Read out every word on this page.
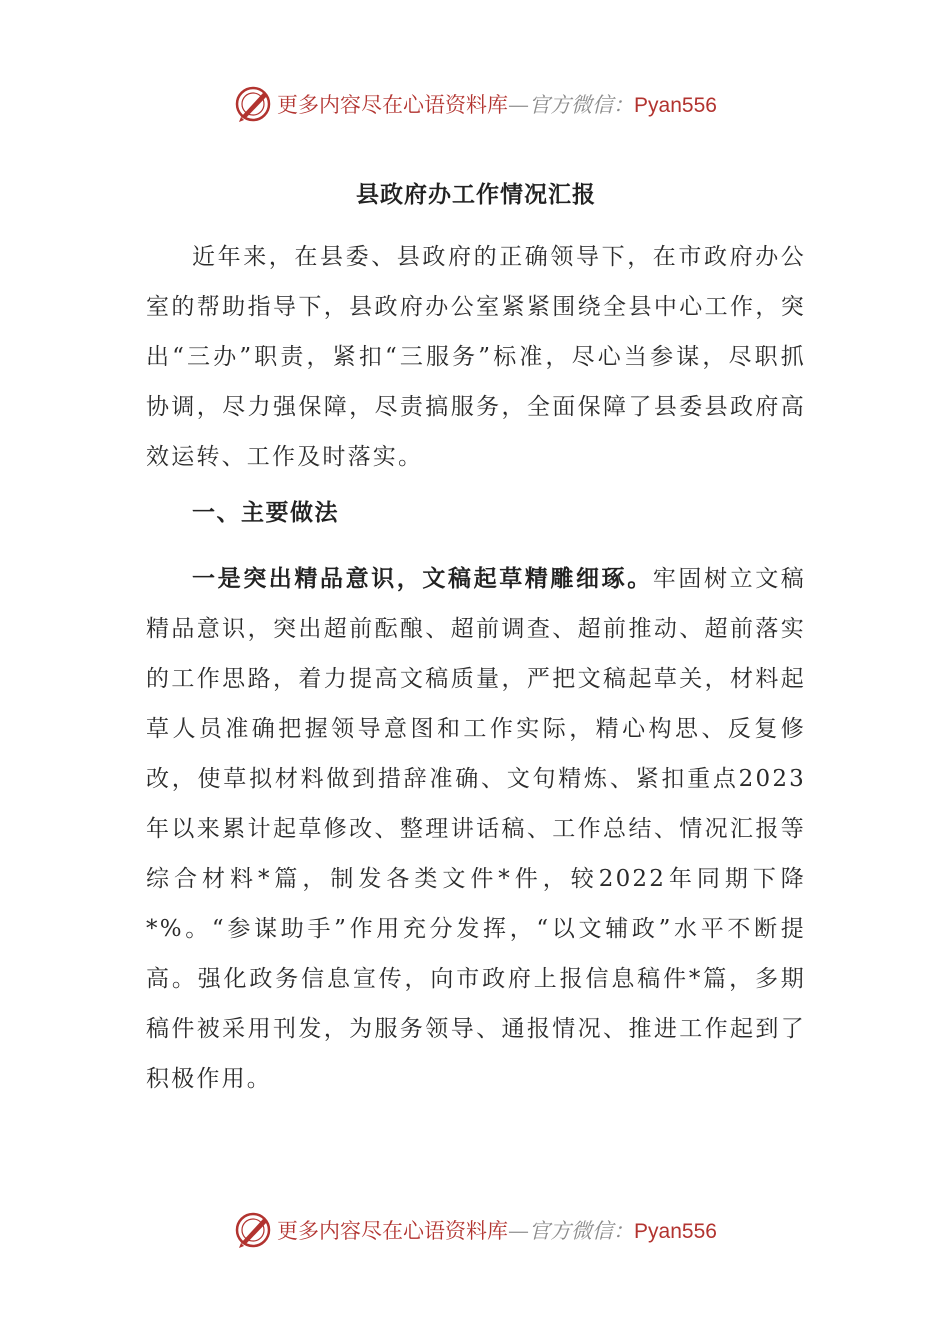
更多内容尽在心语资料库—官方微信：Pyan556
县政府办工作情况汇报

近年来，在县委、县政府的正确领导下，在市政府办公室的帮助指导下，县政府办公室紧紧围绕全县中心工作，突出“三办”职责，紧扣“三服务”标准，尽心当参谋，尽职抓协调，尽力强保障，尽责搞服务，全面保障了县委县政府高效运转、工作及时落实。

一、主要做法

一是突出精品意识，文稿起草精雕细琢。牢固树立文稿精品意识，突出超前酝酿、超前调查、超前推动、超前落实的工作思路，着力提高文稿质量，严把文稿起草关，材料起草人员准确把握领导意图和工作实际，精心构思、反复修改，使草拟材料做到措辞准确、文句精炼、紧扣重点2023年以来累计起草修改、整理讲话稿、工作总结、情况汇报等综合材料*篇，制发各类文件*件，较2022年同期下降*%。“参谋助手”作用充分发挥，“以文辅政”水平不断提高。强化政务信息宣传，向市政府上报信息稿件*篇，多期稿件被采用刊发，为服务领导、通报情况、推进工作起到了积极作用。

更多内容尽在心语资料库—官方微信：Pyan556
